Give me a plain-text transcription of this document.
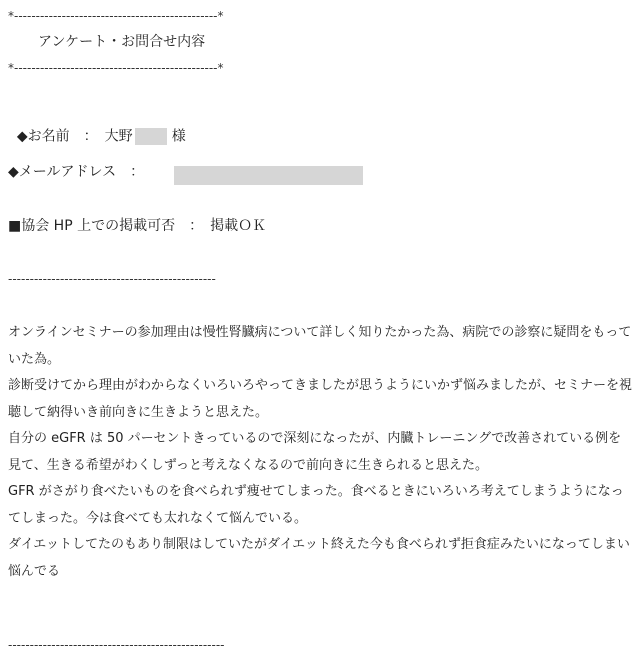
*-----------------------------------------------*
アンケート・お問合せ内容
*-----------------------------------------------*

◆お名前　：　大野	様

◆メールアドレス　：
■協会 HP 上での掲載可否　：　掲載ＯＫ
------------------------------------------------

オンラインセミナーの参加理由は慢性腎臓病について詳しく知りたかった為、病院での診察に疑問をもっていた為。

診断受けてから理由がわからなくいろいろやってきましたが思うようにいかず悩みましたが、セミナーを視聴して納得いき前向きに生きようと思えた。

自分の eGFR は 50 パーセントきっているので深刻になったが、内臓トレーニングで改善されている例を見て、生きる希望がわくしずっと考えなくなるので前向きに生きられると思えた。

GFR がさがり食べたいものを食べられず痩せてしまった。食べるときにいろいろ考えてしまうようになってしまった。今は食べても太れなくて悩んでいる。

ダイエットしてたのもあり制限はしていたがダイエット終えた今も食べられず拒食症みたいになってしまい悩んでる

--------------------------------------------------
